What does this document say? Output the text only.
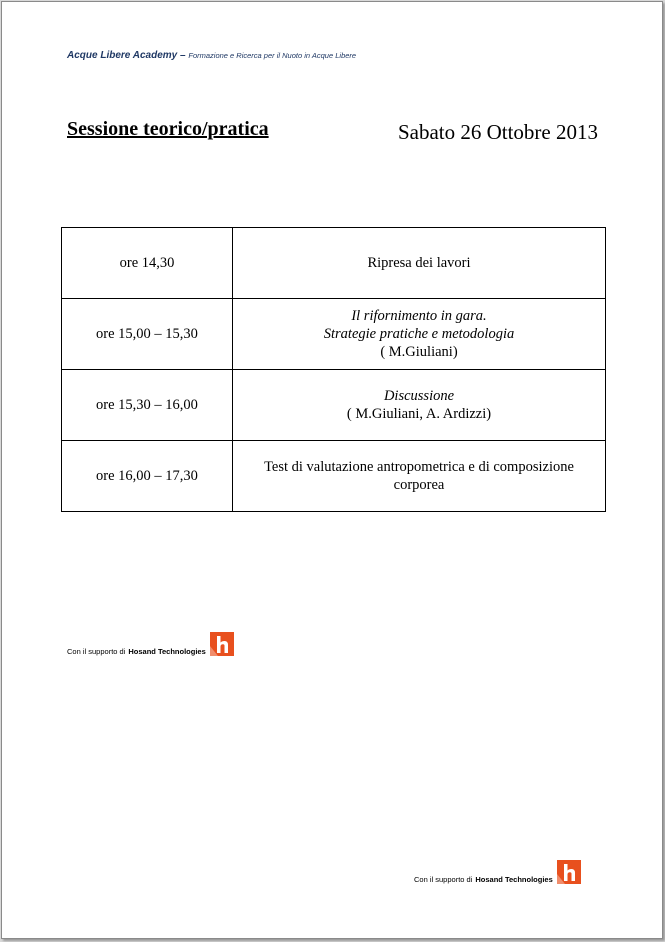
Acque Libere Academy – Formazione e Ricerca per il Nuoto in Acque Libere
Sessione teorico/pratica	Sabato 26 Ottobre 2013
ore 14,30	Ripresa dei lavori

ore 15,00 – 15,30	Il rifornimento in gara.
Strategie pratiche e metodologia
( M.Giuliani)

ore 15,30 – 16,00	Discussione
( M.Giuliani, A. Ardizzi)

ore 16,00 – 17,30	Test di valutazione antropometrica e di composizione
corporea
Con il supporto di Hosand Technologies
Con il supporto di Hosand Technologies
